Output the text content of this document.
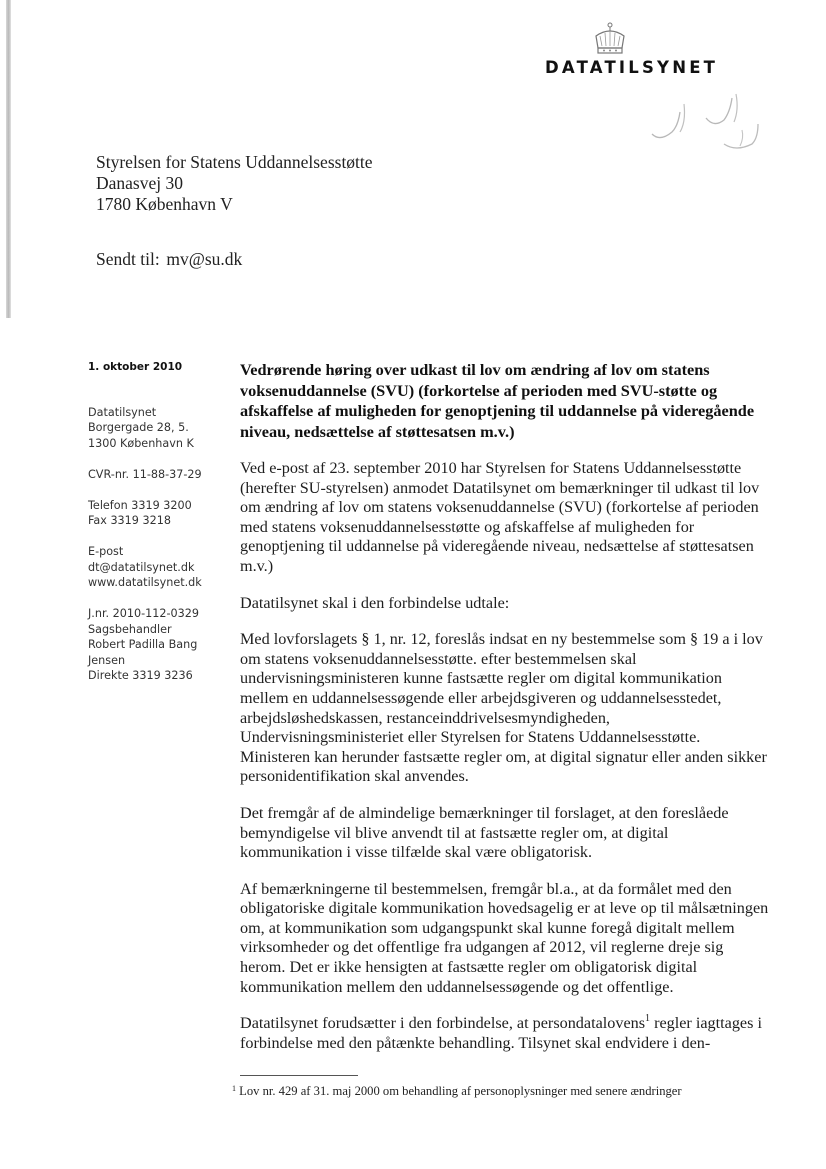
DATATILSYNET
Styrelsen for Statens Uddannelsesstøtte
Danasvej 30
1780 København V
Sendt til: mv@su.dk
1. oktober 2010
Datatilsynet
Borgergade 28, 5.
1300 København K
CVR-nr. 11-88-37-29
Telefon 3319 3200
Fax 3319 3218
E-post
dt@datatilsynet.dk
www.datatilsynet.dk
J.nr. 2010-112-0329
Sagsbehandler
Robert Padilla Bang
Jensen
Direkte 3319 3236
Vedrørende høring over udkast til lov om ændring af lov om statens voksenuddannelse (SVU) (forkortelse af perioden med SVU-støtte og afskaffelse af muligheden for genoptjening til uddannelse på videregående niveau, nedsættelse af støttesatsen m.v.)

Ved e-post af 23. september 2010 har Styrelsen for Statens Uddannelsesstøtte (herefter SU-styrelsen) anmodet Datatilsynet om bemærkninger til udkast til lov om ændring af lov om statens voksenuddannelse (SVU) (forkortelse af perioden med statens voksenuddannelsesstøtte og afskaffelse af muligheden for genoptjening til uddannelse på videregående niveau, nedsættelse af støttesatsen m.v.)

Datatilsynet skal i den forbindelse udtale:

Med lovforslagets § 1, nr. 12, foreslås indsat en ny bestemmelse som § 19 a i lov om statens voksenuddannelsesstøtte. efter bestemmelsen skal undervisningsministeren kunne fastsætte regler om digital kommunikation mellem en uddannelsessøgende eller arbejdsgiveren og uddannelsesstedet, arbejdsløshedskassen, restanceinddrivelsesmyndigheden, Undervisningsministeriet eller Styrelsen for Statens Uddannelsesstøtte. Ministeren kan herunder fastsætte regler om, at digital signatur eller anden sikker personidentifikation skal anvendes.

Det fremgår af de almindelige bemærkninger til forslaget, at den foreslåede bemyndigelse vil blive anvendt til at fastsætte regler om, at digital kommunikation i visse tilfælde skal være obligatorisk.

Af bemærkningerne til bestemmelsen, fremgår bl.a., at da formålet med den obligatoriske digitale kommunikation hovedsagelig er at leve op til målsætningen om, at kommunikation som udgangspunkt skal kunne foregå digitalt mellem virksomheder og det offentlige fra udgangen af 2012, vil reglerne dreje sig herom. Det er ikke hensigten at fastsætte regler om obligatorisk digital kommunikation mellem den uddannelsessøgende og det offentlige.

Datatilsynet forudsætter i den forbindelse, at persondatalovens$^1$ regler iagttages i forbindelse med den påtænkte behandling. Tilsynet skal endvidere i den-

$^1$ Lov nr. 429 af 31. maj 2000 om behandling af personoplysninger med senere ændringer
